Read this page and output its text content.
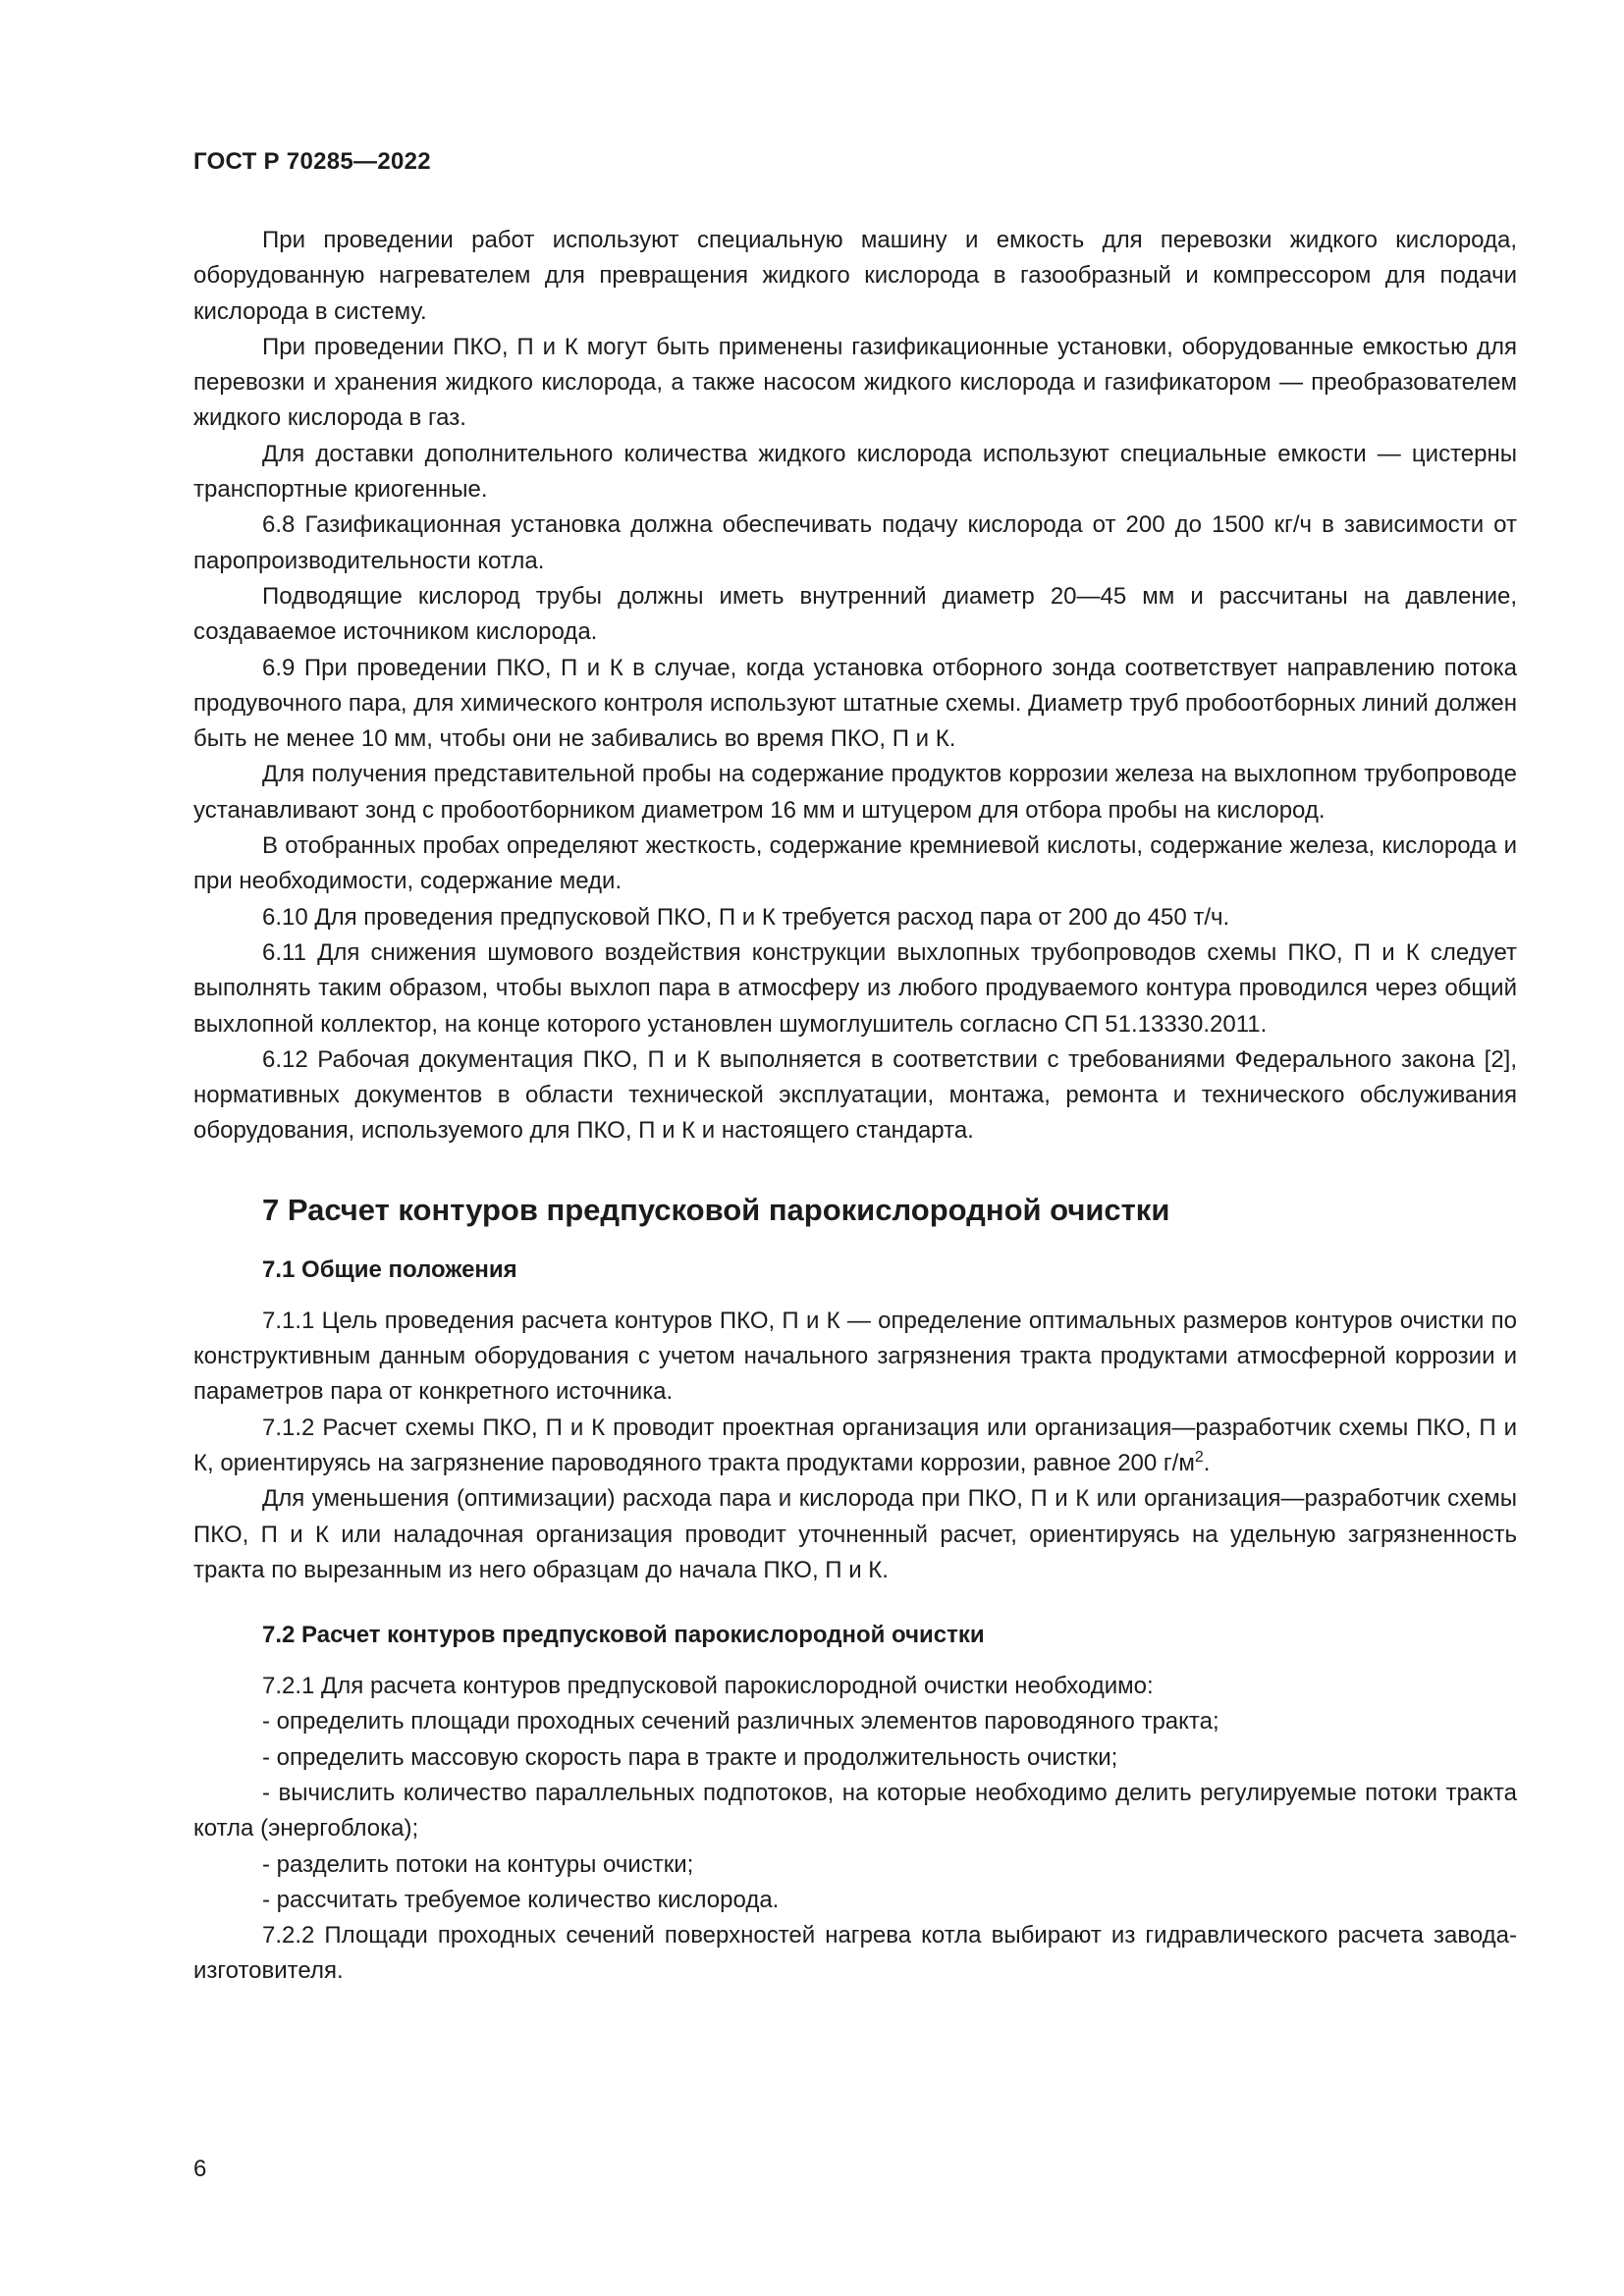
ГОСТ Р 70285—2022

При проведении работ используют специальную машину и емкость для перевозки жидкого кислорода, оборудованную нагревателем для превращения жидкого кислорода в газообразный и компрессором для подачи кислорода в систему.

При проведении ПКО, П и К могут быть применены газификационные установки, оборудованные емкостью для перевозки и хранения жидкого кислорода, а также насосом жидкого кислорода и газификатором — преобразователем жидкого кислорода в газ.

Для доставки дополнительного количества жидкого кислорода используют специальные емкости — цистерны транспортные криогенные.

6.8 Газификационная установка должна обеспечивать подачу кислорода от 200 до 1500 кг/ч в зависимости от паропроизводительности котла.

Подводящие кислород трубы должны иметь внутренний диаметр 20—45 мм и рассчитаны на давление, создаваемое источником кислорода.

6.9 При проведении ПКО, П и К в случае, когда установка отборного зонда соответствует направлению потока продувочного пара, для химического контроля используют штатные схемы. Диаметр труб пробоотборных линий должен быть не менее 10 мм, чтобы они не забивались во время ПКО, П и К.

Для получения представительной пробы на содержание продуктов коррозии железа на выхлопном трубопроводе устанавливают зонд с пробоотборником диаметром 16 мм и штуцером для отбора пробы на кислород.

В отобранных пробах определяют жесткость, содержание кремниевой кислоты, содержание железа, кислорода и при необходимости, содержание меди.

6.10 Для проведения предпусковой ПКО, П и К требуется расход пара от 200 до 450 т/ч.

6.11 Для снижения шумового воздействия конструкции выхлопных трубопроводов схемы ПКО, П и К следует выполнять таким образом, чтобы выхлоп пара в атмосферу из любого продуваемого контура проводился через общий выхлопной коллектор, на конце которого установлен шумоглушитель согласно СП 51.13330.2011.

6.12 Рабочая документация ПКО, П и К выполняется в соответствии с требованиями Федерального закона [2], нормативных документов в области технической эксплуатации, монтажа, ремонта и технического обслуживания оборудования, используемого для ПКО, П и К и настоящего стандарта.

7 Расчет контуров предпусковой парокислородной очистки
7.1 Общие положения

7.1.1 Цель проведения расчета контуров ПКО, П и К — определение оптимальных размеров контуров очистки по конструктивным данным оборудования с учетом начального загрязнения тракта продуктами атмосферной коррозии и параметров пара от конкретного источника.

7.1.2 Расчет схемы ПКО, П и К проводит проектная организация или организация—разработчик схемы ПКО, П и К, ориентируясь на загрязнение пароводяного тракта продуктами коррозии, равное 200 $г/м^2$.

Для уменьшения (оптимизации) расхода пара и кислорода при ПКО, П и К или организация—разработчик схемы ПКО, П и К или наладочная организация проводит уточненный расчет, ориентируясь на удельную загрязненность тракта по вырезанным из него образцам до начала ПКО, П и К.

7.2 Расчет контуров предпусковой парокислородной очистки

7.2.1 Для расчета контуров предпусковой парокислородной очистки необходимо:

- определить площади проходных сечений различных элементов пароводяного тракта;

- определить массовую скорость пара в тракте и продолжительность очистки;

- вычислить количество параллельных подпотоков, на которые необходимо делить регулируемые потоки тракта котла (энергоблока);

- разделить потоки на контуры очистки;

- рассчитать требуемое количество кислорода.

7.2.2 Площади проходных сечений поверхностей нагрева котла выбирают из гидравлического расчета завода-изготовителя.

6
